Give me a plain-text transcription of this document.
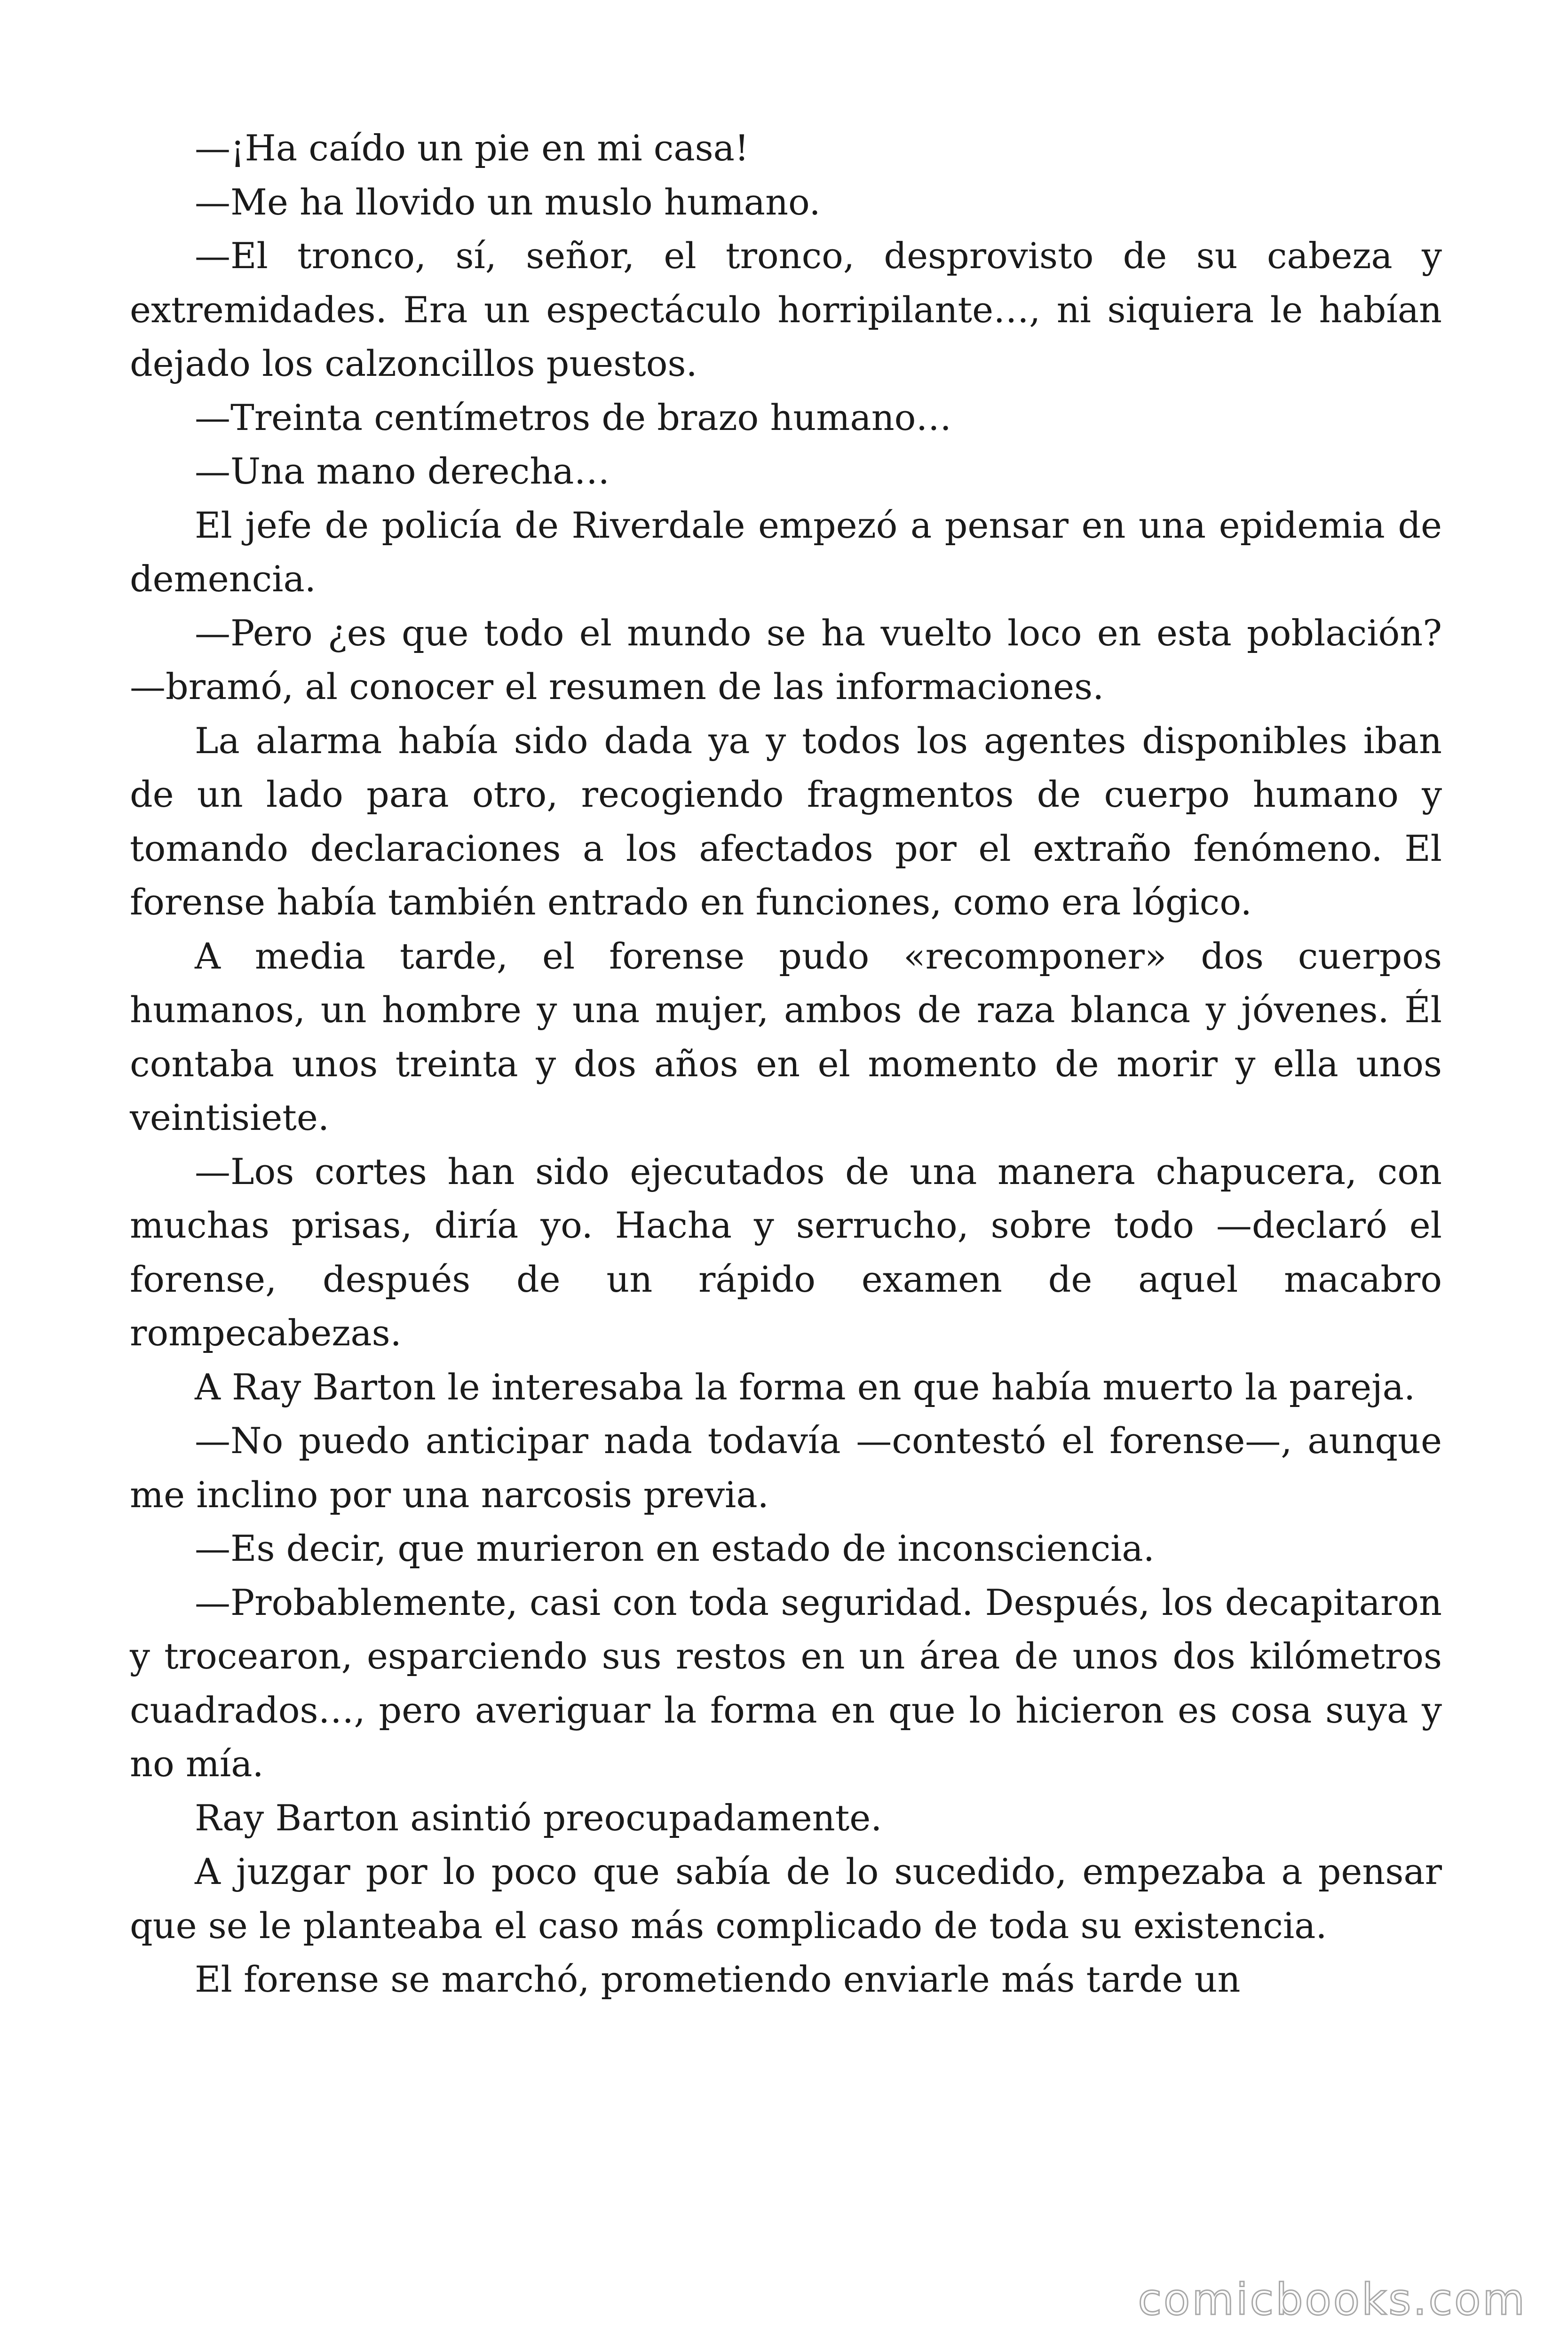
—¡Ha caído un pie en mi casa!

—Me ha llovido un muslo humano.

—El tronco, sí, señor, el tronco, desprovisto de su cabeza y extremidades. Era un espectáculo horripilante…, ni siquiera le habían dejado los calzoncillos puestos.

—Treinta centímetros de brazo humano…

—Una mano derecha…

El jefe de policía de Riverdale empezó a pensar en una epidemia de demencia.

—Pero ¿es que todo el mundo se ha vuelto loco en esta población? —bramó, al conocer el resumen de las informaciones.

La alarma había sido dada ya y todos los agentes disponibles iban de un lado para otro, recogiendo fragmentos de cuerpo humano y tomando declaraciones a los afectados por el extraño fenómeno. El forense había también entrado en funciones, como era lógico.

A media tarde, el forense pudo «recomponer» dos cuerpos humanos, un hombre y una mujer, ambos de raza blanca y jóvenes. Él contaba unos treinta y dos años en el momento de morir y ella unos veintisiete.

—Los cortes han sido ejecutados de una manera chapucera, con muchas prisas, diría yo. Hacha y serrucho, sobre todo —declaró el forense, después de un rápido examen de aquel macabro rompecabezas.

A Ray Barton le interesaba la forma en que había muerto la pareja.

—No puedo anticipar nada todavía —contestó el forense—, aunque me inclino por una narcosis previa.

—Es decir, que murieron en estado de inconsciencia.

—Probablemente, casi con toda seguridad. Después, los decapitaron y trocearon, esparciendo sus restos en un área de unos dos kilómetros cuadrados…, pero averiguar la forma en que lo hicieron es cosa suya y no mía.

Ray Barton asintió preocupadamente.

A juzgar por lo poco que sabía de lo sucedido, empezaba a pensar que se le planteaba el caso más complicado de toda su existencia.

El forense se marchó, prometiendo enviarle más tarde un

comicbooks.com
